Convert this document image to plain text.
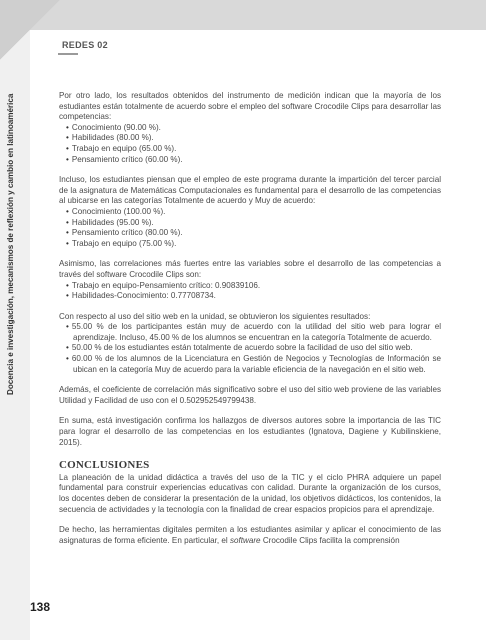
REDES 02
Docencia e investigación, mecanismos de reflexión y cambio en latinoamérica	Por otro lado, los resultados obtenidos del instrumento de medición indican que la mayoría de los estudiantes están totalmente de acuerdo sobre el empleo del software Crocodile Clips para desarrollar las competencias:
• Conocimiento (90.00 %).
• Habilidades (80.00 %).
• Trabajo en equipo (65.00 %).
• Pensamiento crítico (60.00 %).
Incluso, los estudiantes piensan que el empleo de este programa durante la impartición del tercer parcial de la asignatura de Matemáticas Computacionales es fundamental para el desarrollo de las competencias al ubicarse en las categorías Totalmente de acuerdo y Muy de acuerdo:
• Conocimiento (100.00 %).
• Habilidades (95.00 %).
• Pensamiento crítico (80.00 %).
• Trabajo en equipo (75.00 %).
Asimismo, las correlaciones más fuertes entre las variables sobre el desarrollo de las competencias a través del software Crocodile Clips son:
• Trabajo en equipo-Pensamiento crítico: 0.90839106.
• Habilidades-Conocimiento: 0.77708734.
Con respecto al uso del sitio web en la unidad, se obtuvieron los siguientes resultados:
• 55.00 % de los participantes están muy de acuerdo con la utilidad del sitio web para lograr el aprendizaje. Incluso, 45.00 % de los alumnos se encuentran en la categoría Totalmente de acuerdo.
• 50.00 % de los estudiantes están totalmente de acuerdo sobre la facilidad de uso del sitio web.
• 60.00 % de los alumnos de la Licenciatura en Gestión de Negocios y Tecnologías de Información se ubican en la categoría Muy de acuerdo para la variable eficiencia de la navegación en el sitio web.
Además, el coeficiente de correlación más significativo sobre el uso del sitio web proviene de las variables Utilidad y Facilidad de uso con el 0.502952549799438.
En suma, está investigación confirma los hallazgos de diversos autores sobre la importancia de las TIC para lograr el desarrollo de las competencias en los estudiantes (Ignatova, Dagiene y Kubilinskiene, 2015).
CONCLUSIONES
La planeación de la unidad didáctica a través del uso de la TIC y el ciclo PHRA adquiere un papel fundamental para construir experiencias educativas con calidad. Durante la organización de los cursos, los docentes deben de considerar la presentación de la unidad, los objetivos didácticos, los contenidos, la secuencia de actividades y la tecnología con la finalidad de crear espacios propicios para el aprendizaje.
De hecho, las herramientas digitales permiten a los estudiantes asimilar y aplicar el conocimiento de las asignaturas de forma eficiente. En particular, el software Crocodile Clips facilita la comprensión
138
